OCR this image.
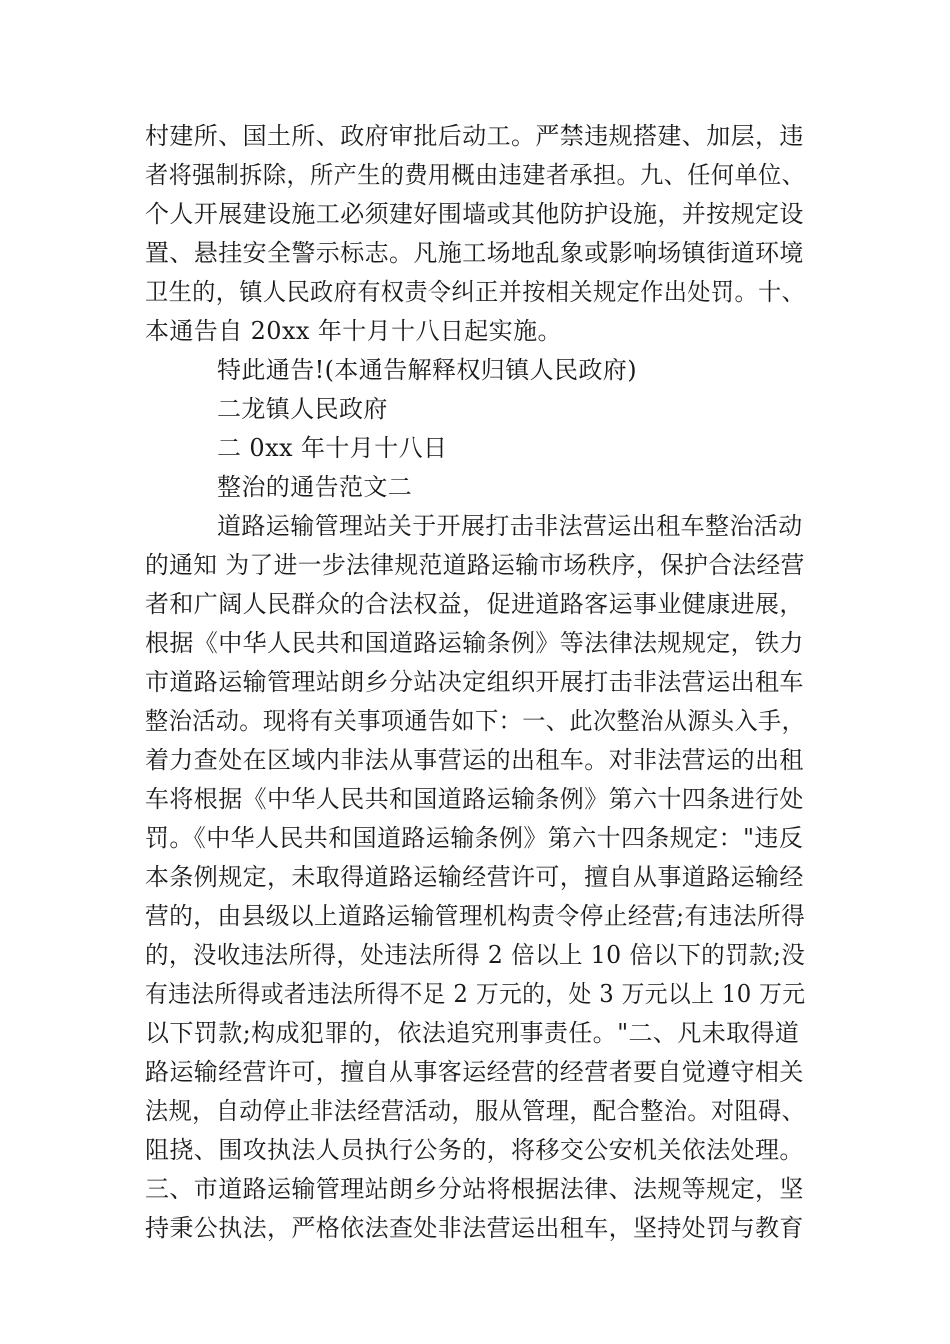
村建所、国土所、政府审批后动工。严禁违规搭建、加层，违
者将强制拆除，所产生的费用概由违建者承担。九、任何单位、
个人开展建设施工必须建好围墙或其他防护设施，并按规定设
置、悬挂安全警示标志。凡施工场地乱象或影响场镇街道环境
卫生的，镇人民政府有权责令纠正并按相关规定作出处罚。十、
本通告自 20xx 年十月十八日起实施。
特此通告!(本通告解释权归镇人民政府)
二龙镇人民政府
二 0xx 年十月十八日
整治的通告范文二
道路运输管理站关于开展打击非法营运出租车整治活动
的通知 为了进一步法律规范道路运输市场秩序，保护合法经营
者和广阔人民群众的合法权益，促进道路客运事业健康进展，
根据《中华人民共和国道路运输条例》等法律法规规定，铁力
市道路运输管理站朗乡分站决定组织开展打击非法营运出租车
整治活动。现将有关事项通告如下：一、此次整治从源头入手，
着力查处在区域内非法从事营运的出租车。对非法营运的出租
车将根据《中华人民共和国道路运输条例》第六十四条进行处
罚。《中华人民共和国道路运输条例》第六十四条规定："违反
本条例规定，未取得道路运输经营许可，擅自从事道路运输经
营的，由县级以上道路运输管理机构责令停止经营;有违法所得
的，没收违法所得，处违法所得 2 倍以上 10 倍以下的罚款;没
有违法所得或者违法所得不足 2 万元的，处 3 万元以上 10 万元
以下罚款;构成犯罪的，依法追究刑事责任。"二、凡未取得道
路运输经营许可，擅自从事客运经营的经营者要自觉遵守相关
法规，自动停止非法经营活动，服从管理，配合整治。对阻碍、
阻挠、围攻执法人员执行公务的，将移交公安机关依法处理。
三、市道路运输管理站朗乡分站将根据法律、法规等规定，坚
持秉公执法，严格依法查处非法营运出租车，坚持处罚与教育
